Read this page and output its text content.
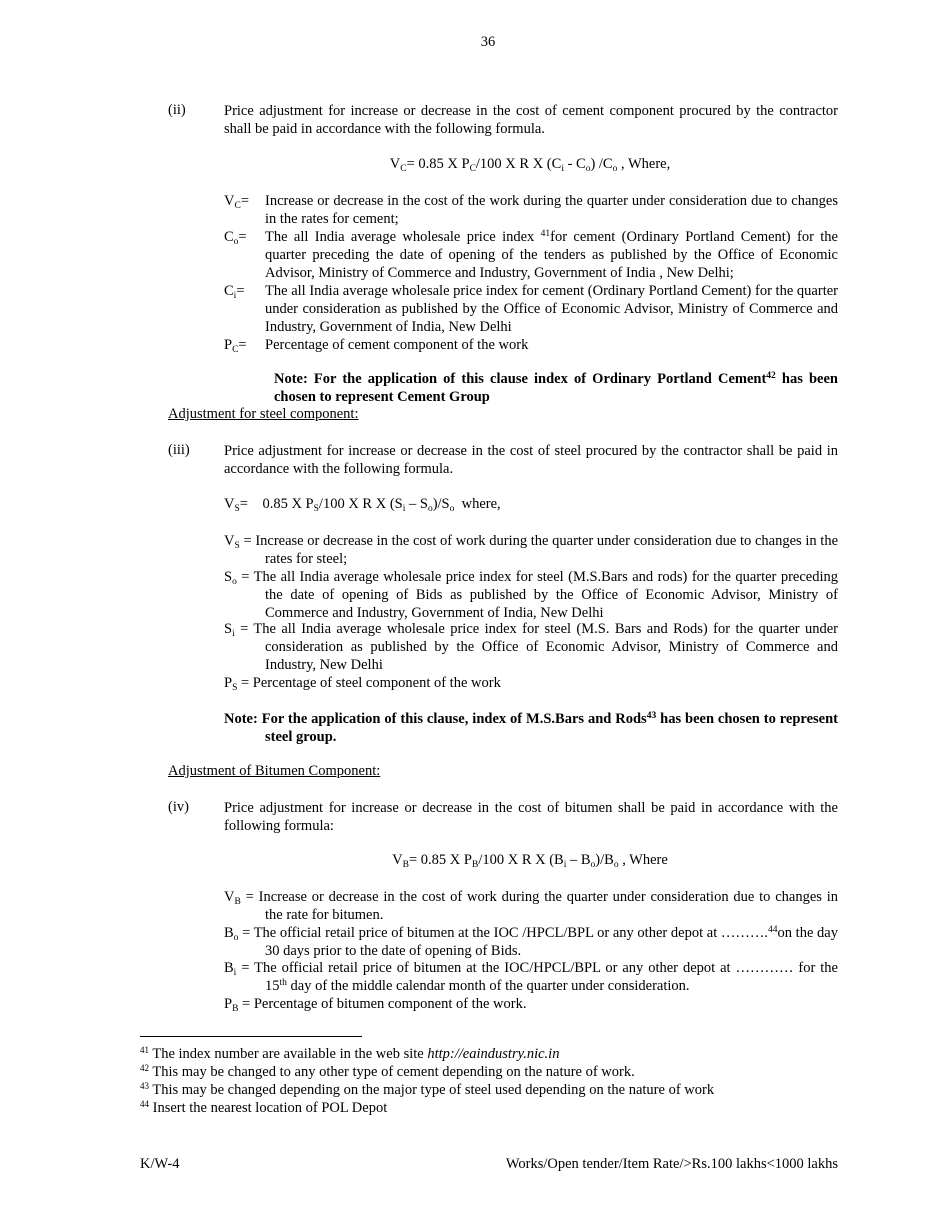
36
(ii)	Price adjustment for increase or decrease in the cost of cement component procured by the contractor shall be paid in accordance with the following formula.
$V_C= 0.85$ X $P_C/100$ X R X $(C_i - C_o)$ $/C_o$ , Where,
$V_C=$	Increase or decrease in the cost of the work during the quarter under consideration due to changes in the rates for cement;
$C_o=$	The all India average wholesale price index $^{41}$for cement (Ordinary Portland Cement) for the quarter preceding the date of opening of the tenders as published by the Office of Economic Advisor, Ministry of Commerce and Industry, Government of India , New Delhi;
$C_i=$	The all India average wholesale price index for cement (Ordinary Portland Cement) for the quarter under consideration as published by the Office of Economic Advisor, Ministry of Commerce and Industry, Government of India, New Delhi
$P_C=$	Percentage of cement component of the work
Note: For the application of this clause index of Ordinary Portland Cement$^{42}$ has been chosen to represent Cement Group
Adjustment for steel component:
(iii) Price adjustment for increase or decrease in the cost of steel procured by the contractor shall be paid in accordance with the following formula.
$V_S=$    0.85 X $P_S/100$ X R X $(S_i - S_o)/S_o$  where,
$V_S$ = Increase or decrease in the cost of work during the quarter under consideration due to changes in the rates for steel;
$S_o$ = The all India average wholesale price index for steel (M.S.Bars and rods) for the quarter preceding the date of opening of Bids as published by the Office of Economic Advisor, Ministry of Commerce and Industry, Government of India, New Delhi
$S_i$ = The all India average wholesale price index for steel (M.S. Bars and Rods) for the quarter under consideration as published by the Office of Economic Advisor, Ministry of Commerce and Industry, New Delhi
$P_S$ = Percentage of steel component of the work
Note: For the application of this clause, index of M.S.Bars and Rods$^{43}$ has been chosen to represent steel group.
Adjustment of Bitumen Component:
(iv) Price adjustment for increase or decrease in the cost of bitumen shall be paid in accordance with the following formula:
$V_B= 0.85$ X $P_B/100$ X R X $(B_i - B_o)/B_o$ , Where
$V_B$ = Increase or decrease in the cost of work during the quarter under consideration due to changes in the rate for bitumen.
$B_o$ = The official retail price of bitumen at the IOC /HPCL/BPL or any other depot at ……….$^{44}$on the day 30 days prior to the date of opening of Bids.
$B_i$ = The official retail price of bitumen at the IOC/HPCL/BPL or any other depot at ………… for the 15th day of the middle calendar month of the quarter under consideration.
$P_B$ = Percentage of bitumen component of the work.
$^{41}$ The index number are available in the web site http://eaindustry.nic.in
$^{42}$ This may be changed to any other type of cement depending on the nature of work.
$^{43}$ This may be changed depending on the major type of steel used depending on the nature of work
$^{44}$ Insert the nearest location of POL Depot
K/W-4	Works/Open tender/Item Rate/>Rs.100 lakhs<1000 lakhs
